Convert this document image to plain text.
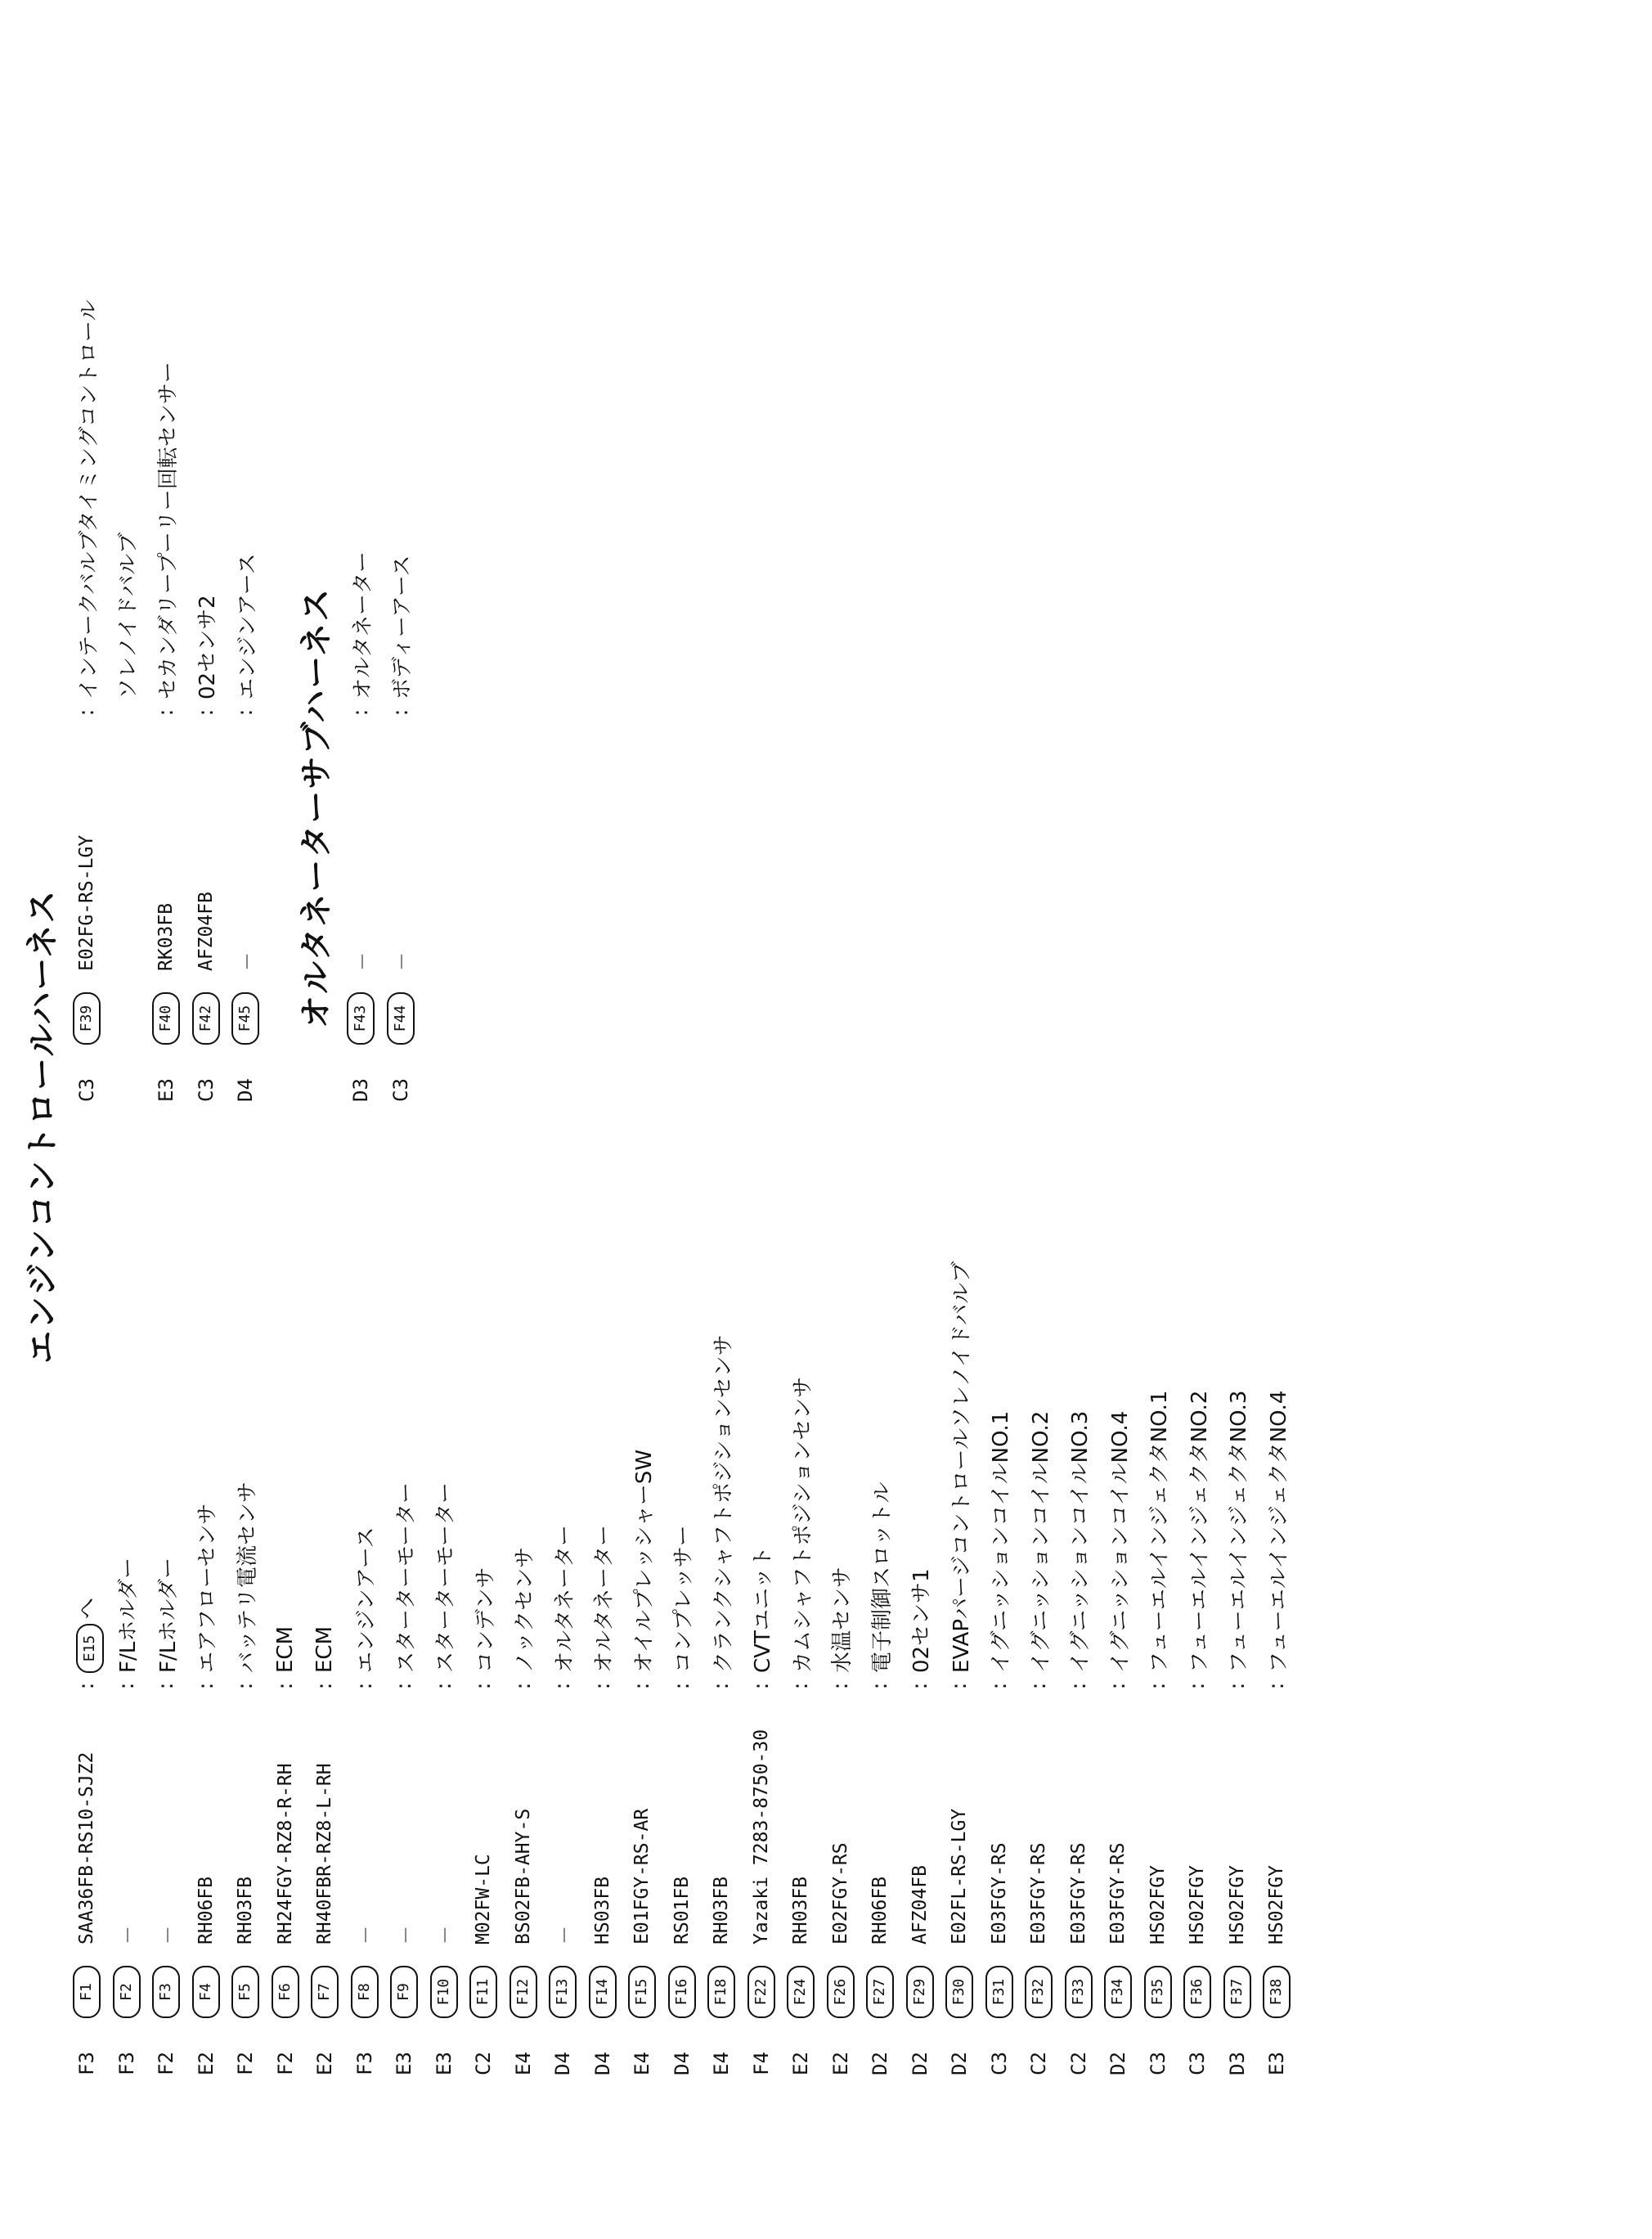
エンジンコントロールハーネス
F3
F1
SAA36FB-RS10-SJZ2
:
E15へ
F3
F2
－
:
F/Lホルダー
F2
F3
－
:
F/Lホルダー
E2
F4
RH06FB
:
エアフローセンサ
F2
F5
RH03FB
:
バッテリ電流センサ
F2
F6
RH24FGY-RZ8-R-RH
:
ECM
E2
F7
RH40FBR-RZ8-L-RH
:
ECM
F3
F8
－
:
エンジンアース
E3
F9
－
:
スターターモーター
E3
F10
－
:
スターターモーター
C2
F11
M02FW-LC
:
コンデンサ
E4
F12
BS02FB-AHY-S
:
ノックセンサ
D4
F13
－
:
オルタネーター
D4
F14
HS03FB
:
オルタネーター
E4
F15
E01FGY-RS-AR
:
オイルプレッシャーSW
D4
F16
RS01FB
:
コンプレッサー
E4
F18
RH03FB
:
クランクシャフトポジションセンサ
F4
F22
Yazaki 7283-8750-30
:
CVTユニット
E2
F24
RH03FB
:
カムシャフトポジションセンサ
E2
F26
E02FGY-RS
:
水温センサ
D2
F27
RH06FB
:
電子制御スロットル
D2
F29
AFZ04FB
:
02センサ1
D2
F30
E02FL-RS-LGY
:
EVAPパージコントロールソレノイドバルブ
C3
F31
E03FGY-RS
:
イグニッションコイルNO.1
C2
F32
E03FGY-RS
:
イグニッションコイルNO.2
C2
F33
E03FGY-RS
:
イグニッションコイルNO.3
D2
F34
E03FGY-RS
:
イグニッションコイルNO.4
C3
F35
HS02FGY
:
フューエルインジェクタNO.1
C3
F36
HS02FGY
:
フューエルインジェクタNO.2
D3
F37
HS02FGY
:
フューエルインジェクタNO.3
E3
F38
HS02FGY
:
フューエルインジェクタNO.4
C3
F39
E02FG-RS-LGY
:
インテークバルブタイミングコントロール ソレノイドバルブ
E3
F40
RK03FB
:
セカンダリープーリー回転センサー
C3
F42
AFZ04FB
:
02センサ2
D4
F45
－
:
エンジンアース オルタネーターサブハーネス
D3
F43
－
:
オルタネーター
C3
F44
－
:
ボディーアース
